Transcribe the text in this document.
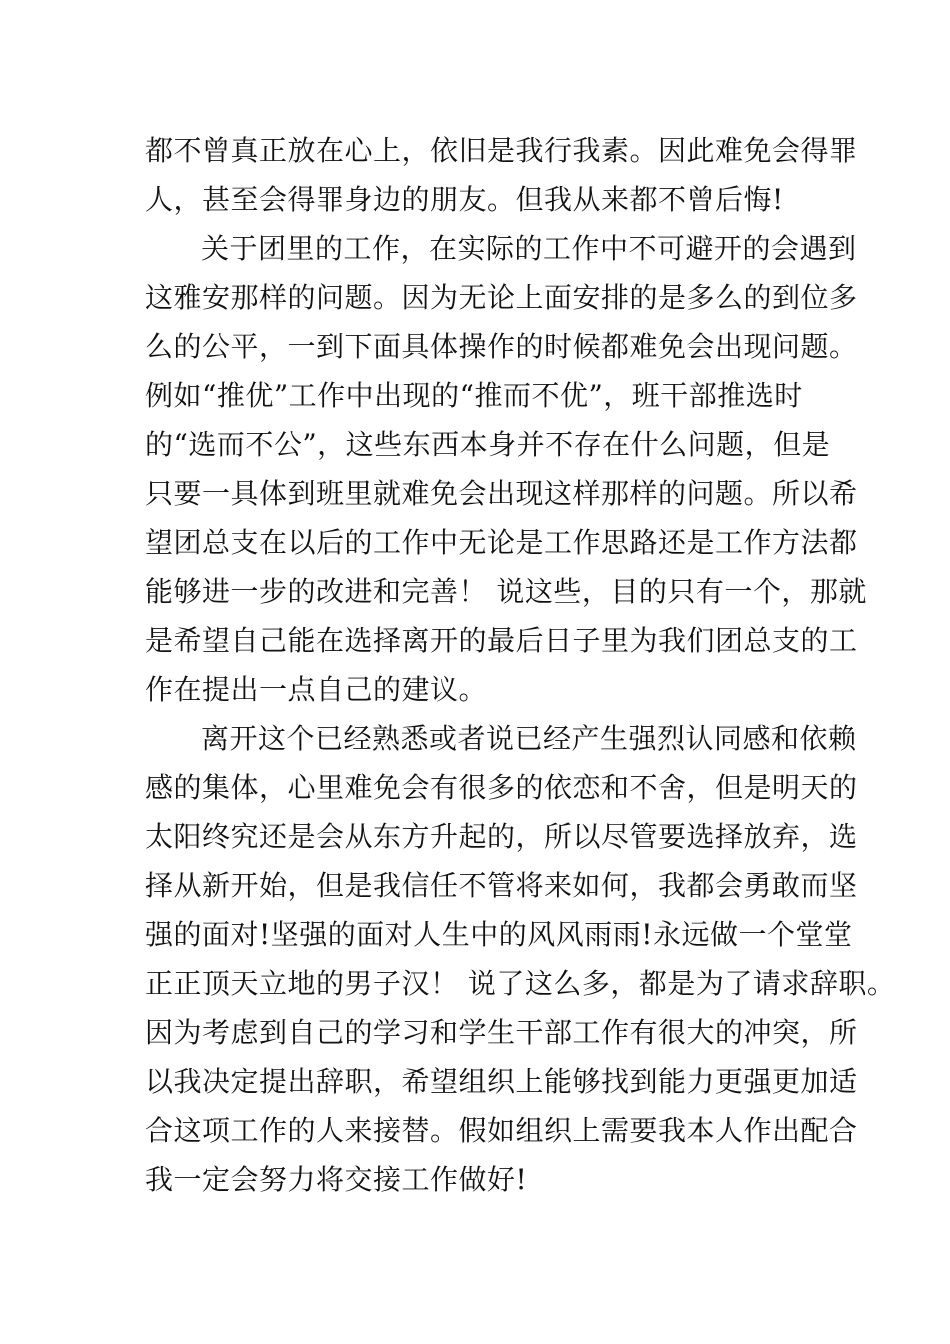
都不曾真正放在心上，依旧是我行我素。因此难免会得罪
人，甚至会得罪身边的朋友。但我从来都不曾后悔!
关于团里的工作，在实际的工作中不可避开的会遇到
这雅安那样的问题。因为无论上面安排的是多么的到位多
么的公平，一到下面具体操作的时候都难免会出现问题。
例如“推优”工作中出现的“推而不优”，班干部推选时
的“选而不公”，这些东西本身并不存在什么问题，但是
只要一具体到班里就难免会出现这样那样的问题。所以希
望团总支在以后的工作中无论是工作思路还是工作方法都
能够进一步的改进和完善！ 说这些，目的只有一个，那就
是希望自己能在选择离开的最后日子里为我们团总支的工
作在提出一点自己的建议。
离开这个已经熟悉或者说已经产生强烈认同感和依赖
感的集体，心里难免会有很多的依恋和不舍，但是明天的
太阳终究还是会从东方升起的，所以尽管要选择放弃，选
择从新开始，但是我信任不管将来如何，我都会勇敢而坚
强的面对!坚强的面对人生中的风风雨雨!永远做一个堂堂
正正顶天立地的男子汉！ 说了这么多，都是为了请求辞职。
因为考虑到自己的学习和学生干部工作有很大的冲突，所
以我决定提出辞职，希望组织上能够找到能力更强更加适
合这项工作的人来接替。假如组织上需要我本人作出配合
我一定会努力将交接工作做好!
